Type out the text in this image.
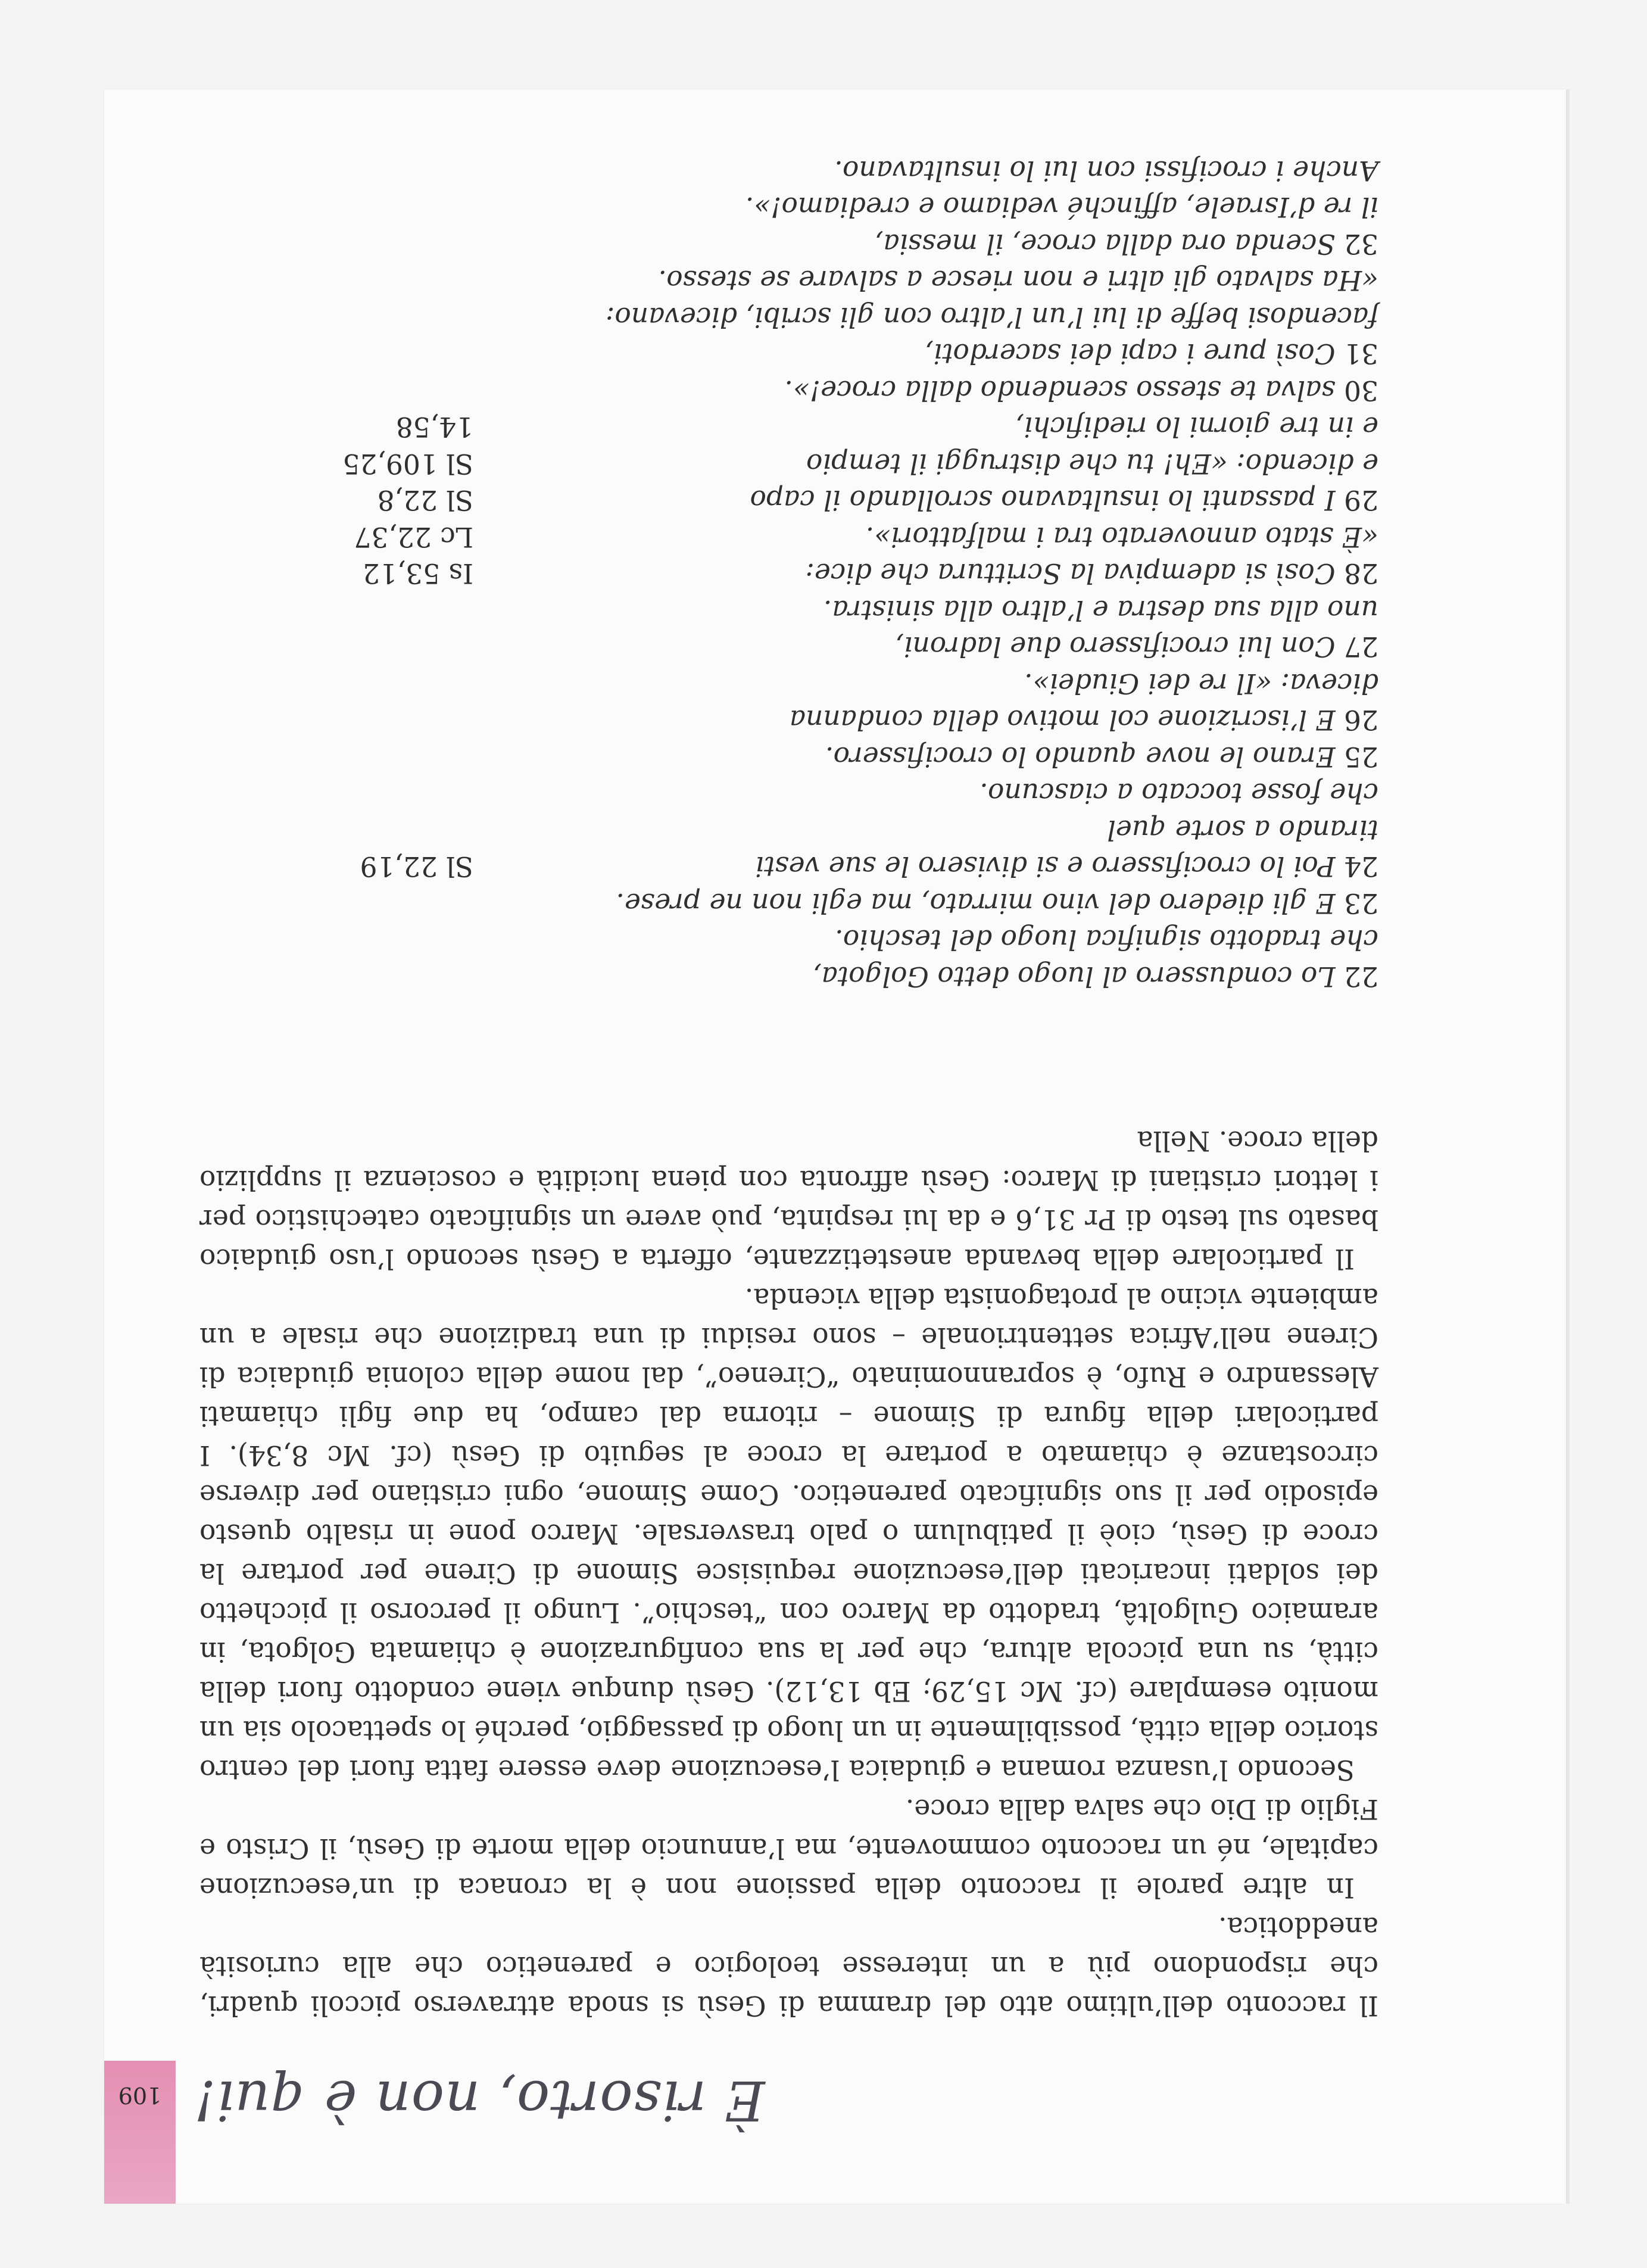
109 È risorto, non è qui!

Il racconto dell’ultimo atto del dramma di Gesù si snoda attraverso piccoli quadri, che rispondono più a un interesse teologico e parenetico che alla curiosità aneddotica.

In altre parole il racconto della passione non è la cronaca di un’esecuzione capitale, né un racconto commovente, ma l’annuncio della morte di Gesù, il Cristo e Figlio di Dio che salva dalla croce.

Secondo l’usanza romana e giudaica l’esecuzione deve essere fatta fuori del centro storico della città, possibilmente in un luogo di passaggio, perché lo spettacolo sia un monito esemplare (cf. Mc 15,29; Eb 13,12). Gesù dunque viene condotto fuori della città, su una piccola altura, che per la sua configurazione è chiamata Golgota, in aramaico Gulgoltâ, tradotto da Marco con “teschio”. Lungo il percorso il picchetto dei soldati incaricati dell’esecuzione requisisce Simone di Cirene per portare la croce di Gesù, cioè il patibulum o palo trasversale. Marco pone in risalto questo episodio per il suo significato parenetico. Come Simone, ogni cristiano per diverse circostanze è chiamato a portare la croce al seguito di Gesù (cf. Mc 8,34). I particolari della figura di Simone – ritorna dal campo, ha due figli chiamati Alessandro e Rufo, è soprannominato “Cireneo”, dal nome della colonia giudaica di Cirene nell’Africa settentrionale – sono residui di una tradizione che risale a un ambiente vicino al protagonista della vicenda.

Il particolare della bevanda anestetizzante, offerta a Gesù secondo l’uso giudaico basato sul testo di Pr 31,6 e da lui respinta, può avere un significato catechistico per i lettori cristiani di Marco: Gesù affronta con piena lucidità e coscienza il supplizio della croce. Nella

22 Lo condussero al luogo detto Golgota,
che tradotto significa luogo del teschio.
23 E gli diedero del vino mirrato, ma egli non ne prese.
24 Poi lo crocifissero e si divisero le sue vesti
Sl 22,19
tirando a sorte quel
che fosse toccato a ciascuno.
25 Erano le nove quando lo crocifissero.
26 E l’iscrizione col motivo della condanna
diceva: «Il re dei Giudei».
27 Con lui crocifissero due ladroni,
uno alla sua destra e l’altro alla sinistra.
28 Così si adempiva la Scrittura che dice:
Is 53,12
«È stato annoverato tra i malfattori».
Lc 22,37
29 I passanti lo insultavano scrollando il capo
Sl 22,8
e dicendo: «Eh! tu che distruggi il tempio
Sl 109,25
e in tre giorni lo riedifichi,
14,58
30 salva te stesso scendendo dalla croce!».
31 Così pure i capi dei sacerdoti,
facendosi beffe di lui l’un l’altro con gli scribi, dicevano:
«Ha salvato gli altri e non riesce a salvare se stesso.
32 Scenda ora dalla croce, il messia,
il re d’Israele, affinché vediamo e crediamo!».
Anche i crocifissi con lui lo insultavano.
